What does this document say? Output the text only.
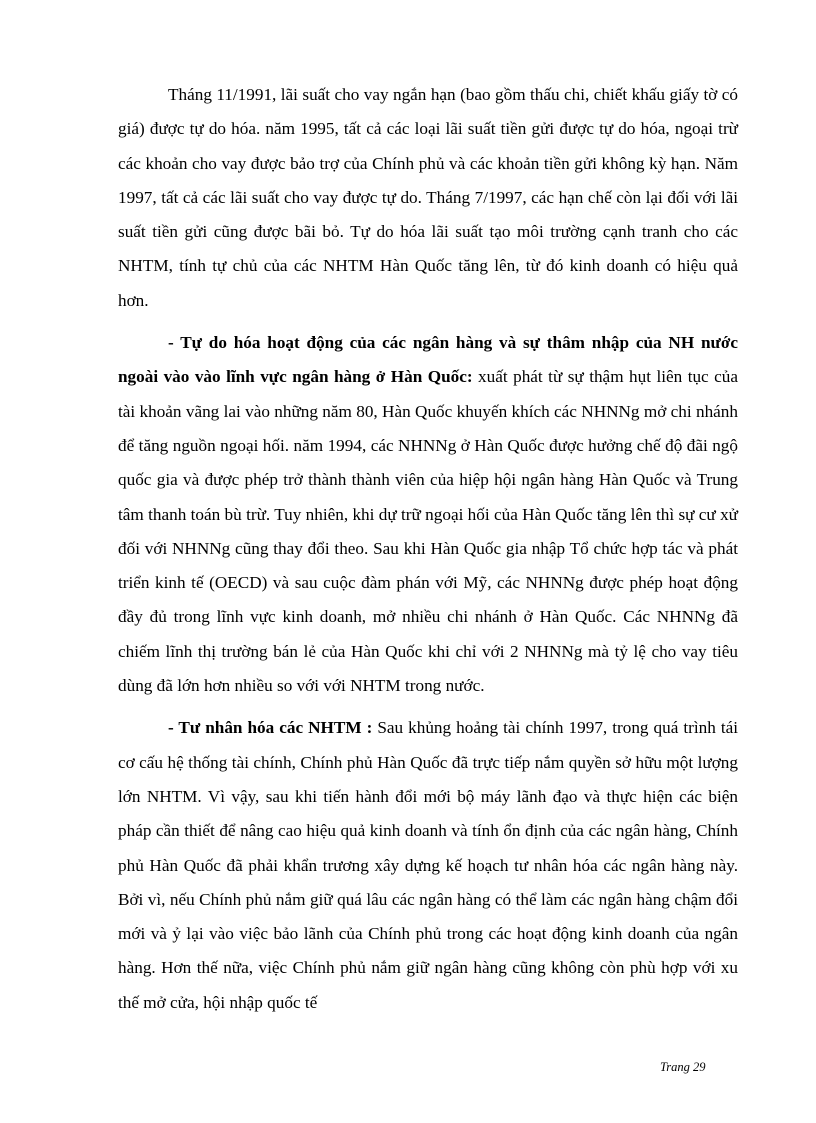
Tháng 11/1991, lãi suất cho vay ngắn hạn (bao gồm thấu chi, chiết khấu giấy tờ có giá) được tự do hóa. năm 1995, tất cả các loại lãi suất tiền gửi được tự do hóa, ngoại trừ các khoản cho vay được bảo trợ của Chính phủ và các khoản tiền gửi không kỳ hạn. Năm 1997, tất cả các lãi suất cho vay được tự do. Tháng 7/1997, các hạn chế còn lại đối với lãi suất tiền gửi cũng được bãi bỏ. Tự do hóa lãi suất tạo môi trường cạnh tranh cho các NHTM, tính tự chủ của các NHTM Hàn Quốc tăng lên, từ đó kinh doanh có hiệu quả hơn.

- Tự do hóa hoạt động của các ngân hàng và sự thâm nhập của NH nước ngoài vào vào lĩnh vực ngân hàng ở Hàn Quốc: xuất phát từ sự thậm hụt liên tục của tài khoản vãng lai vào những năm 80, Hàn Quốc khuyến khích các NHNNg mở chi nhánh để tăng nguồn ngoại hối. năm 1994, các NHNNg ở Hàn Quốc được hưởng chế độ đãi ngộ quốc gia và được phép trở thành thành viên của hiệp hội ngân hàng Hàn Quốc và Trung tâm thanh toán bù trừ. Tuy nhiên, khi dự trữ ngoại hối của Hàn Quốc tăng lên thì sự cư xử đối với NHNNg cũng thay đổi theo. Sau khi Hàn Quốc gia nhập Tổ chức hợp tác và phát triển kinh tế (OECD) và sau cuộc đàm phán với Mỹ, các NHNNg được phép hoạt động đầy đủ trong lĩnh vực kinh doanh, mở nhiều chi nhánh ở Hàn Quốc. Các NHNNg đã chiếm lĩnh thị trường bán lẻ của Hàn Quốc khi chỉ với 2 NHNNg mà tỷ lệ cho vay tiêu dùng đã lớn hơn nhiều so với với NHTM trong nước.

- Tư nhân hóa các NHTM : Sau khủng hoảng tài chính 1997, trong quá trình tái cơ cấu hệ thống tài chính, Chính phủ Hàn Quốc đã trực tiếp nắm quyền sở hữu một lượng lớn NHTM. Vì vậy, sau khi tiến hành đổi mới bộ máy lãnh đạo và thực hiện các biện pháp cần thiết để nâng cao hiệu quả kinh doanh và tính ổn định của các ngân hàng, Chính phủ Hàn Quốc đã phải khẩn trương xây dựng kế hoạch tư nhân hóa các ngân hàng này. Bởi vì, nếu Chính phủ nắm giữ quá lâu các ngân hàng có thể làm các ngân hàng chậm đổi mới và ỷ lại vào việc bảo lãnh của Chính phủ trong các hoạt động kinh doanh của ngân hàng. Hơn thế nữa, việc Chính phủ nắm giữ ngân hàng cũng không còn phù hợp với xu thế mở cửa, hội nhập quốc tế

Trang 29
